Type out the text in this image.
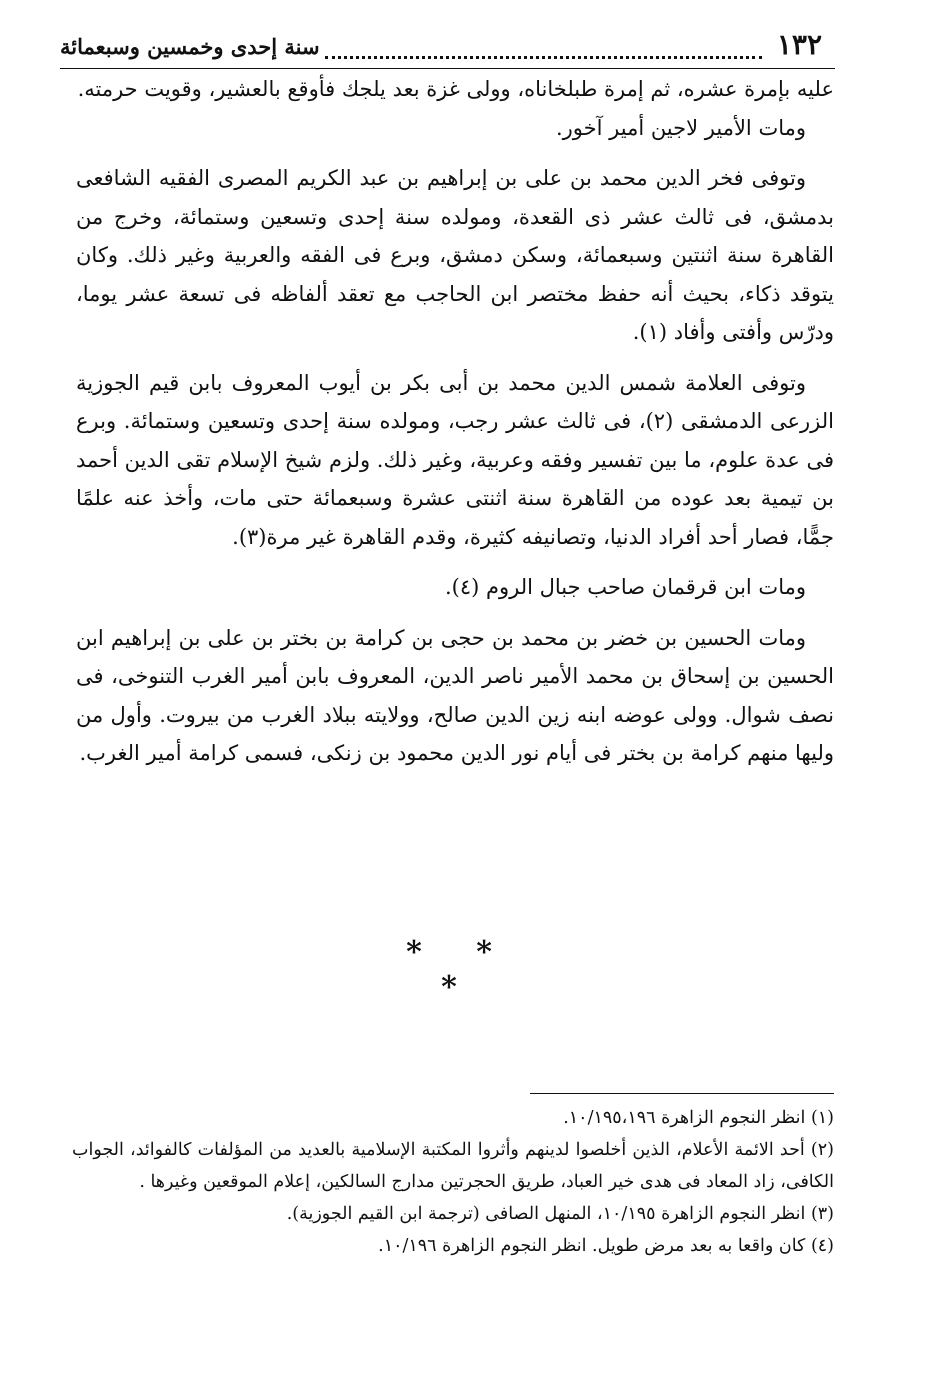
١٣٢
سنة إحدى وخمسين وسبعمائة

عليه بإمرة عشره، ثم إمرة طبلخاناه، وولى غزة بعد يلجك فأوقع بالعشير، وقويت حرمته.

ومات الأمير لاجين أمير آخور.

وتوفى فخر الدين محمد بن على بن إبراهيم بن عبد الكريم المصرى الفقيه الشافعى بدمشق، فى ثالث عشر ذى القعدة، ومولده سنة إحدى وتسعين وستمائة، وخرج من القاهرة سنة اثنتين وسبعمائة، وسكن دمشق، وبرع فى الفقه والعربية وغير ذلك. وكان يتوقد ذكاء، بحيث أنه حفظ مختصر ابن الحاجب مع تعقد ألفاظه فى تسعة عشر يوما، ودرّس وأفتى وأفاد (١).

وتوفى العلامة شمس الدين محمد بن أبى بكر بن أيوب المعروف بابن قيم الجوزية الزرعى الدمشقى (٢)، فى ثالث عشر رجب، ومولده سنة إحدى وتسعين وستمائة. وبرع فى عدة علوم، ما بين تفسير وفقه وعربية، وغير ذلك. ولزم شيخ الإسلام تقى الدين أحمد بن تيمية بعد عوده من القاهرة سنة اثنتى عشرة وسبعمائة حتى مات، وأخذ عنه علمًا جمًّا، فصار أحد أفراد الدنيا، وتصانيفه كثيرة، وقدم القاهرة غير مرة(٣).

ومات ابن قرقمان صاحب جبال الروم (٤).

ومات الحسين بن خضر بن محمد بن حجى بن كرامة بن بختر بن على بن إبراهيم ابن الحسين بن إسحاق بن محمد الأمير ناصر الدين، المعروف بابن أمير الغرب التنوخى، فى نصف شوال. وولى عوضه ابنه زين الدين صالح، وولايته ببلاد الغرب من بيروت. وأول من وليها منهم كرامة بن بختر فى أيام نور الدين محمود بن زنكى، فسمى كرامة أمير الغرب.

* * *

(١) انظر النجوم الزاهرة ١٠/١٩٥،١٩٦.

(٢) أحد الائمة الأعلام، الذين أخلصوا لدينهم وأثروا المكتبة الإسلامية بالعديد من المؤلفات كالفوائد، الجواب الكافى، زاد المعاد فى هدى خير العباد، طريق الحجرتين مدارج السالكين، إعلام الموقعين وغيرها .

(٣) انظر النجوم الزاهرة ١٠/١٩٥، المنهل الصافى (ترجمة ابن القيم الجوزية).

(٤) كان واقعا به بعد مرض طويل. انظر النجوم الزاهرة ١٠/١٩٦.
